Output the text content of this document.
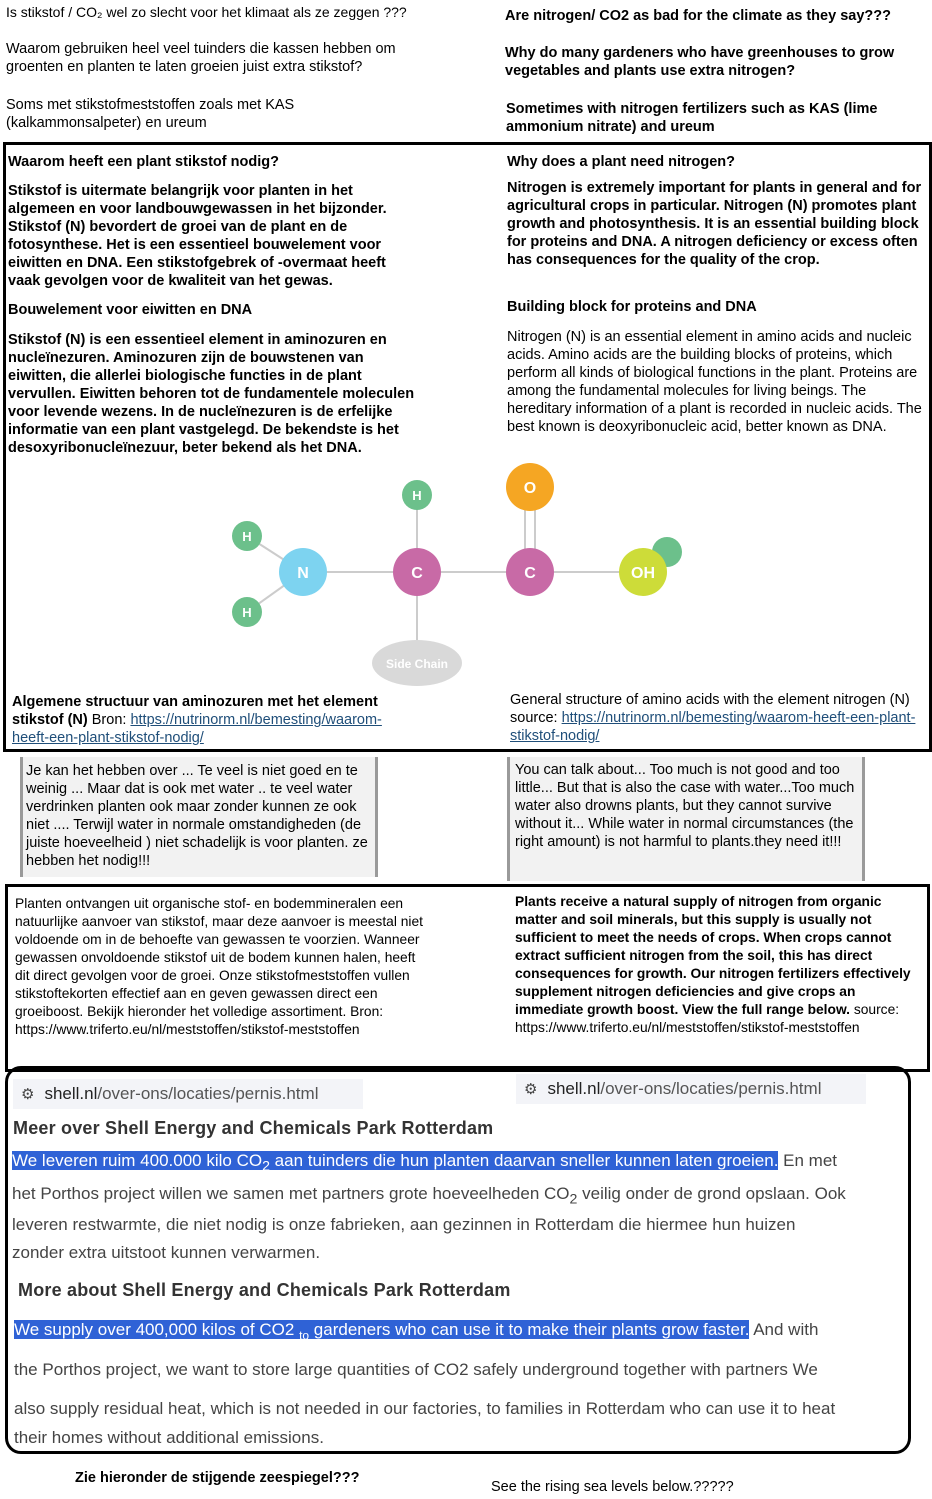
Is stikstof / CO₂ wel zo slecht voor het klimaat als ze zeggen ???	Are nitrogen/ CO2 as bad for the climate as they say???
Waarom gebruiken heel veel tuinders die kassen hebben om groenten en planten te laten groeien juist extra stikstof?
Why do many gardeners who have greenhouses to grow vegetables and plants use extra nitrogen?
Soms met stikstofmeststoffen zoals met KAS (kalkammonsalpeter) en ureum
Sometimes with nitrogen fertilizers such as KAS (lime ammonium nitrate) and ureum
Waarom heeft een plant stikstof nodig?
Stikstof is uitermate belangrijk voor planten in het algemeen en voor landbouwgewassen in het bijzonder. Stikstof (N) bevordert de groei van de plant en de fotosynthese. Het is een essentieel bouwelement voor eiwitten en DNA. Een stikstofgebrek of -overmaat heeft vaak gevolgen voor de kwaliteit van het gewas.
Bouwelement voor eiwitten en DNA
Stikstof (N) is een essentieel element in aminozuren en nucleïnezuren. Aminozuren zijn de bouwstenen van eiwitten, die allerlei biologische functies in de plant vervullen. Eiwitten behoren tot de fundamentele moleculen voor levende wezens. In de nucleïnezuren is de erfelijke informatie van een plant vastgelegd. De bekendste is het desoxyribonucleïnezuur, beter bekend als het DNA.
Why does a plant need nitrogen?
Nitrogen is extremely important for plants in general and for agricultural crops in particular. Nitrogen (N) promotes plant growth and photosynthesis. It is an essential building block for proteins and DNA. A nitrogen deficiency or excess often has consequences for the quality of the crop.
Building block for proteins and DNA
Nitrogen (N) is an essential element in amino acids and nucleic acids. Amino acids are the building blocks of proteins, which perform all kinds of biological functions in the plant. Proteins are among the fundamental molecules for living beings. The hereditary information of a plant is recorded in nucleic acids. The best known is deoxyribonucleic acid, better known as DNA.
Side Chain
OH
H
H
H
N	C	C
O
Algemene structuur van aminozuren met het element stikstof (N) Bron: https://nutrinorm.nl/bemesting/waarom-heeft-een-plant-stikstof-nodig/
General structure of amino acids with the element nitrogen (N) source: https://nutrinorm.nl/bemesting/waarom-heeft-een-plant-stikstof-nodig/
Je kan het hebben over ... Te veel is niet goed en te weinig ... Maar dat is ook met water .. te veel water verdrinken planten ook maar zonder kunnen ze ook niet .... Terwijl water in normale omstandigheden (de juiste hoeveelheid ) niet schadelijk is voor planten. ze hebben het nodig!!!
You can talk about... Too much is not good and too little... But that is also the case with water...Too much water also drowns plants, but they cannot survive without it... While water in normal circumstances (the right amount) is not harmful to plants.they need it!!!
Planten ontvangen uit organische stof- en bodemmineralen een natuurlijke aanvoer van stikstof, maar deze aanvoer is meestal niet voldoende om in de behoefte van gewassen te voorzien. Wanneer gewassen onvoldoende stikstof uit de bodem kunnen halen, heeft dit direct gevolgen voor de groei. Onze stikstofmeststoffen vullen stikstoftekorten effectief aan en geven gewassen direct een groeiboost. Bekijk hieronder het volledige assortiment. Bron: https://www.triferto.eu/nl/meststoffen/stikstof-meststoffen
Plants receive a natural supply of nitrogen from organic matter and soil minerals, but this supply is usually not sufficient to meet the needs of crops. When crops cannot extract sufficient nitrogen from the soil, this has direct consequences for growth. Our nitrogen fertilizers effectively supplement nitrogen deficiencies and give crops an immediate growth boost. View the full range below. source: https://www.triferto.eu/nl/meststoffen/stikstof-meststoffen
⚙ shell.nl /over-ons/locaties/pernis.html	⚙ shell.nl /over-ons/locaties/pernis.html
Meer over Shell Energy and Chemicals Park Rotterdam
We leveren ruim 400.000 kilo $CO_2$ aan tuinders die hun planten daarvan sneller kunnen laten groeien. En met
het Porthos project willen we samen met partners grote hoeveelheden $CO_2$ veilig onder de grond opslaan. Ook
leveren restwarmte, die niet nodig is onze fabrieken, aan gezinnen in Rotterdam die hiermee hun huizen
zonder extra uitstoot kunnen verwarmen.
More about Shell Energy and Chemicals Park Rotterdam
We supply over 400,000 kilos of CO2 $_{to}$ gardeners who can use it to make their plants grow faster. And with
the Porthos project, we want to store large quantities of CO2 safely underground together with partners We
also supply residual heat, which is not needed in our factories, to families in Rotterdam who can use it to heat
their homes without additional emissions.
Zie hieronder de stijgende zeespiegel???
See the rising sea levels below.?????
